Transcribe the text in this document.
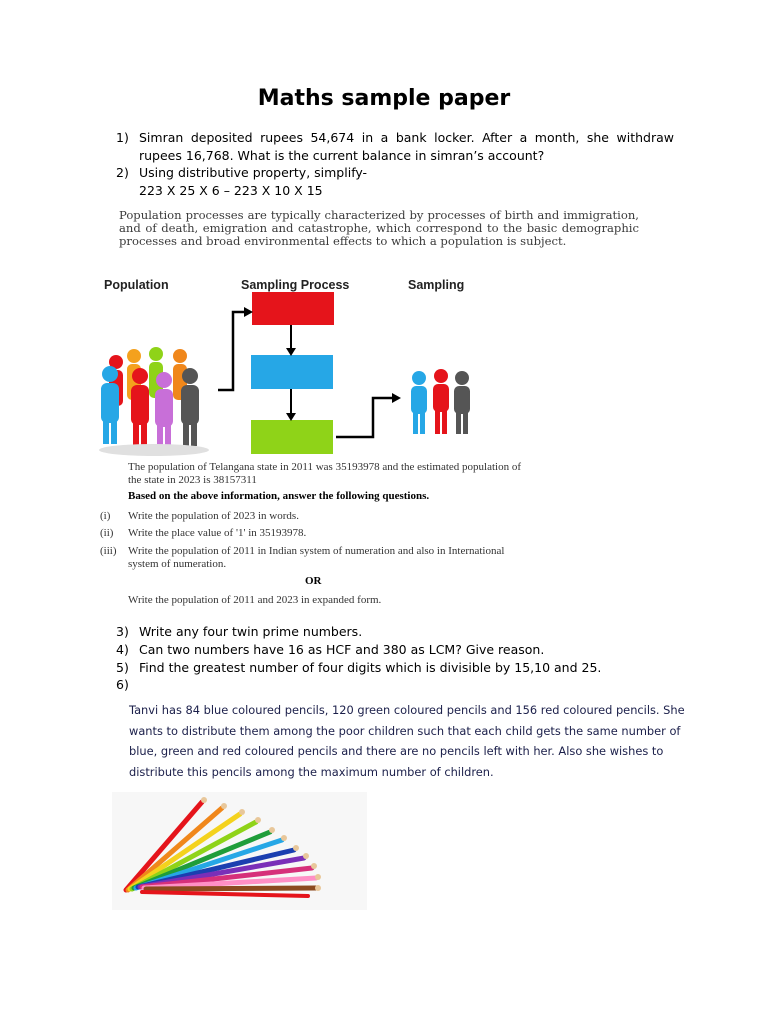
Maths sample paper
1) Simran deposited rupees 54,674 in a bank locker. After a month, she withdraw rupees 16,768. What is the current balance in simran’s account?
2) Using distributive property, simplify-
223 X 25 X 6 – 223 X 10 X 15
Population processes are typically characterized by processes of birth and immigration, and of death, emigration and catastrophe, which correspond to the basic demographic processes and broad environmental effects to which a population is subject.
Population	Sampling Process	Sampling
The population of Telangana state in 2011 was 35193978 and the estimated population of the state in 2023 is 38157311
Based on the above information, answer the following questions.
(i) Write the population of 2023 in words.
(ii) Write the place value of '1' in 35193978.
(iii) Write the population of 2011 in Indian system of numeration and also in International system of numeration.
OR
Write the population of 2011 and 2023 in expanded form.
3) Write any four twin prime numbers.
4) Can two numbers have 16 as HCF and 380 as LCM? Give reason.
5) Find the greatest number of four digits which is divisible by 15,10 and 25.
6)
Tanvi has 84 blue coloured pencils, 120 green coloured pencils and 156 red coloured pencils. She wants to distribute them among the poor children such that each child gets the same number of blue, green and red coloured pencils and there are no pencils left with her. Also she wishes to distribute this pencils among the maximum number of children.
